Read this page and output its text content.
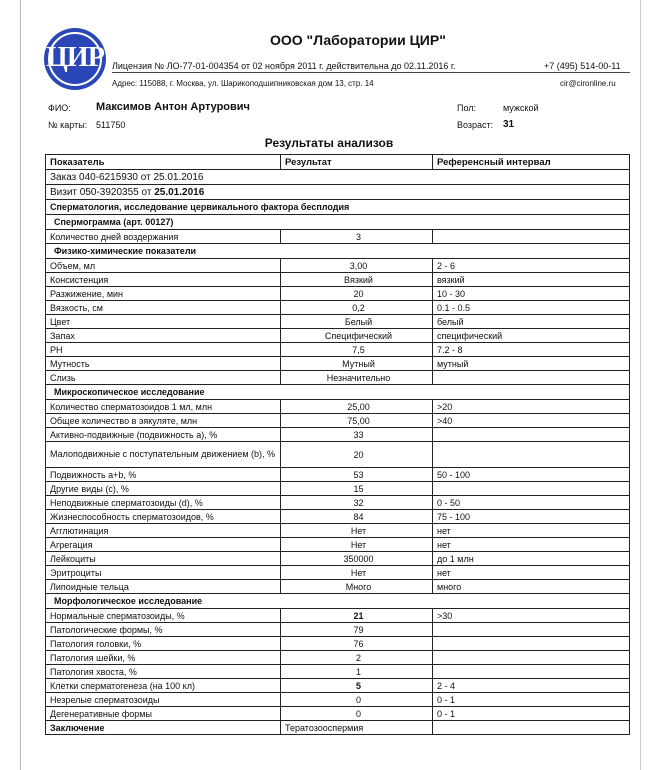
ЦИР
ООО "Лаборатории ЦИР"
Лицензия № ЛО-77-01-004354 от 02 ноября 2011 г. действительна до 02.11.2016 г.	+7 (495) 514-00-11
Адрес: 115088, г. Москва, ул. Шарикоподшипниковская дом 13, стр. 14	cir@cironline.ru
ФИО: Максимов Антон Артурович
№ карты: 511750
Пол:	мужской
Возраст: 31
Результаты анализов
Показатель	Результат	Референсный интервал
Заказ 040-6215930 от 25.01.2016		
Визит 050-3920355 от 25.01.2016		
Сперматология, исследование цервикального фактора бесплодия		
Спермограмма (арт. 00127)		
Количество дней воздержания	3	
Физико-химические показатели		
Объем, мл	3,00	2 - 6
Консистенция	Вязкий	вязкий
Разжижение, мин	20	10 - 30
Вязкость, см	0,2	0.1 - 0.5
Цвет	Белый	белый
Запах	Специфический	специфический
PH	7,5	7.2 - 8
Мутность	Мутный	мутный
Слизь	Незначительно	
Микроскопическое исследование		
Количество сперматозоидов 1 мл, млн	25,00	>20
Общее количество в эякуляте, млн	75,00	>40
Активно-подвижные (подвижность a), %	33	
Малоподвижные с поступательным движением (b), %	20	
Подвижность a+b, %	53	50 - 100
Другие виды (c), %	15	
Неподвижные сперматозоиды (d), %	32	0 - 50
Жизнеспособность сперматозоидов, %	84	75 - 100
Агглютинация	Нет	нет
Агрегация	Нет	нет
Лейкоциты	350000	до 1 млн
Эритроциты	Нет	нет
Липоидные тельца	Много	много
Морфологическое исследование		
Нормальные сперматозоиды, %	21	>30
Патологические формы, %	79	
Патология головки, %	76	
Патология шейки, %	2	
Патология хвоста, %	1	
Клетки сперматогенеза (на 100 кл)	5	2 - 4
Незрелые сперматозоиды	0	0 - 1
Дегенеративные формы	0	0 - 1
Заключение	Тератозооспермия	
